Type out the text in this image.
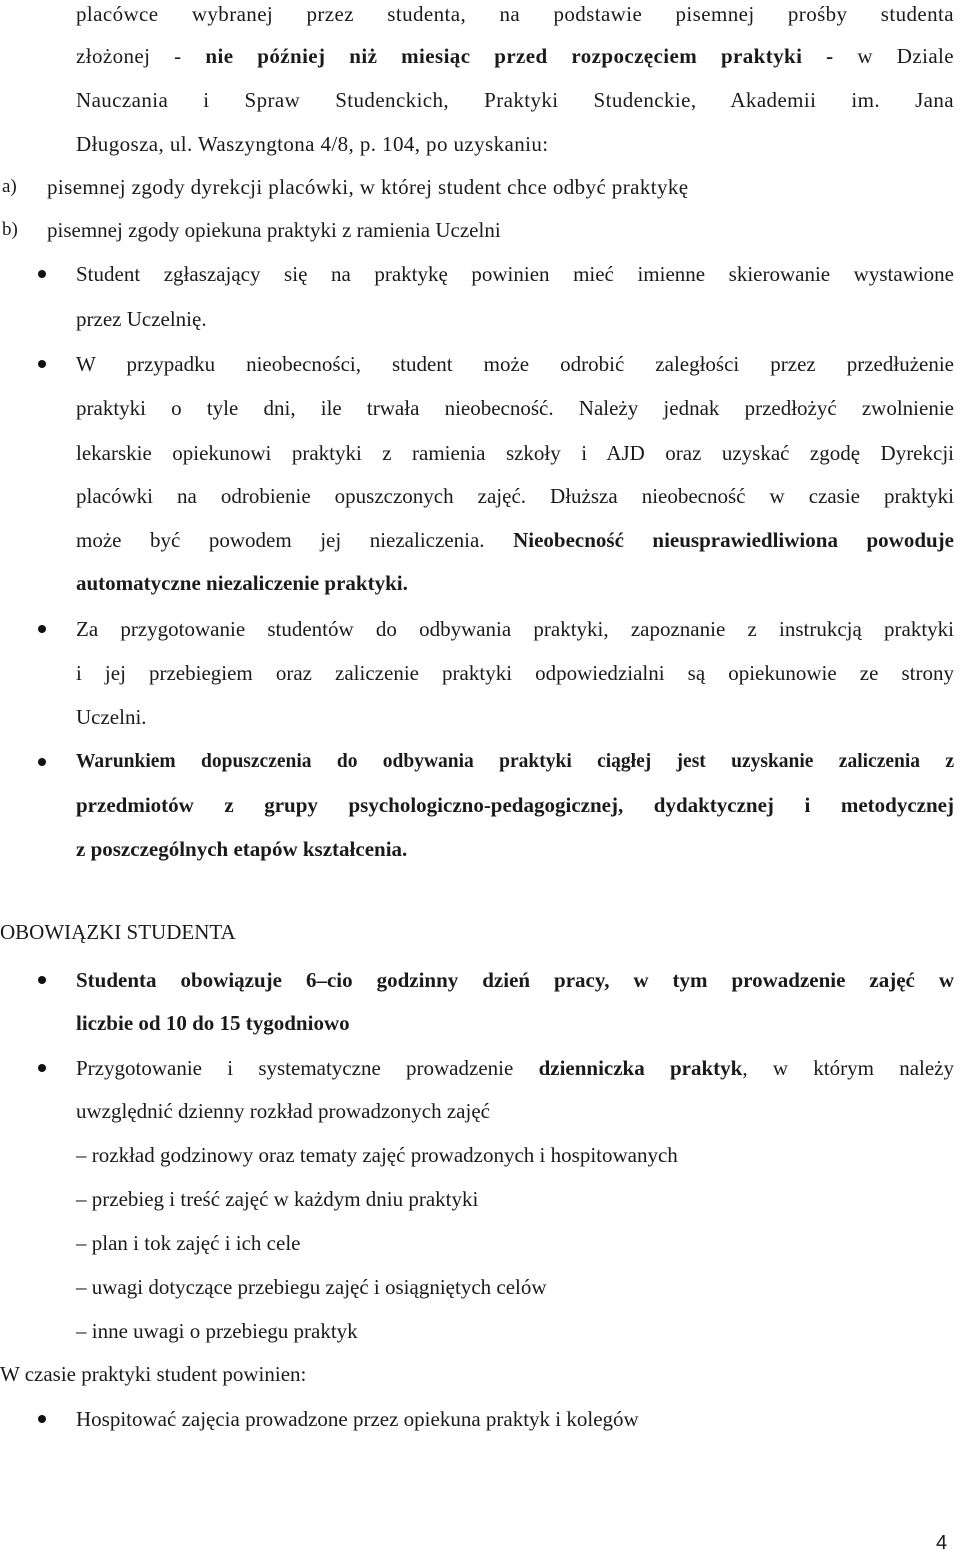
placówce wybranej przez studenta, na podstawie pisemnej prośby studenta
złożonej - nie później niż miesiąc przed rozpoczęciem praktyki - w Dziale
Nauczania i Spraw Studenckich, Praktyki Studenckie, Akademii im. Jana
Długosza, ul. Waszyngtona 4/8, p. 104, po uzyskaniu:
a) pisemnej zgody dyrekcji placówki, w której student chce odbyć praktykę
b) pisemnej zgody opiekuna praktyki z ramienia Uczelni
Student zgłaszający się na praktykę powinien mieć imienne skierowanie wystawione
przez Uczelnię.
W przypadku nieobecności, student może odrobić zaległości przez przedłużenie
praktyki o tyle dni, ile trwała nieobecność. Należy jednak przedłożyć zwolnienie
lekarskie opiekunowi praktyki z ramienia szkoły i AJD oraz uzyskać zgodę Dyrekcji
placówki na odrobienie opuszczonych zajęć. Dłuższa nieobecność w czasie praktyki
może być powodem jej niezaliczenia. Nieobecność nieusprawiedliwiona powoduje
automatyczne niezaliczenie praktyki.
Za przygotowanie studentów do odbywania praktyki, zapoznanie z instrukcją praktyki
i jej przebiegiem oraz zaliczenie praktyki odpowiedzialni są opiekunowie ze strony
Uczelni.
Warunkiem dopuszczenia do odbywania praktyki ciągłej jest uzyskanie zaliczenia z
przedmiotów z grupy psychologiczno-pedagogicznej, dydaktycznej i metodycznej
z poszczególnych etapów kształcenia.
OBOWIĄZKI STUDENTA
Studenta obowiązuje 6–cio godzinny dzień pracy, w tym prowadzenie zajęć w
liczbie od 10 do 15 tygodniowo
Przygotowanie i systematyczne prowadzenie dzienniczka praktyk, w którym należy
uwzględnić dzienny rozkład prowadzonych zajęć
– rozkład godzinowy oraz tematy zajęć prowadzonych i hospitowanych
– przebieg i treść zajęć w każdym dniu praktyki
– plan i tok zajęć i ich cele
– uwagi dotyczące przebiegu zajęć i osiągniętych celów
– inne uwagi o przebiegu praktyk
W czasie praktyki student powinien:
Hospitować zajęcia prowadzone przez opiekuna praktyk i kolegów
4
